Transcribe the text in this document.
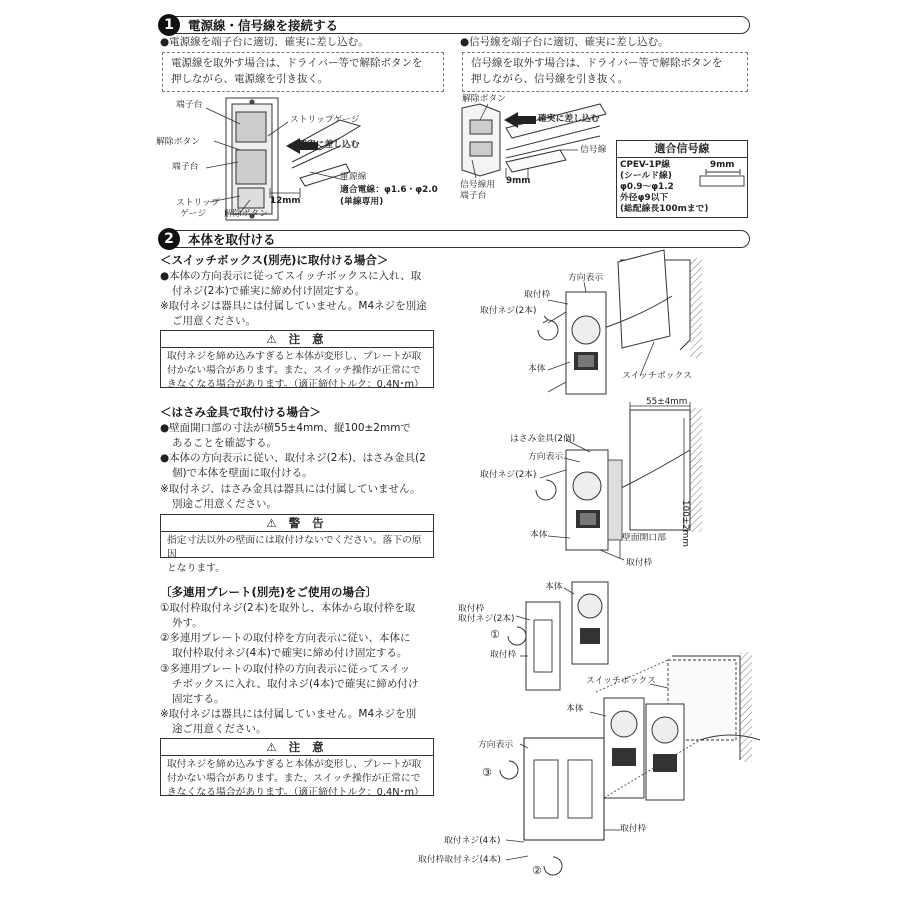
1	電源線・信号線を接続する
●電源線を端子台に適切、確実に差し込む。
電源線を取外す場合は、ドライバー等で解除ボタンを
押しながら、電源線を引き抜く。
端子台
解除ボタン
端子台
ストリップゲージ
確実に差し込む
電源線
適合電線：φ1.6・φ2.0
(単線専用)
12mm
ストリップ
ゲージ 解除ボタン
●信号線を端子台に適切、確実に差し込む。
信号線を取外す場合は、ドライバー等で解除ボタンを
押しながら、信号線を引き抜く。
解除ボタン
確実に差し込む
信号線
信号線用
端子台
9mm
適合信号線
CPEV-1P線
(シールド線)
φ0.9〜φ1.2
外径φ9以下
(総配線長100mまで)
9mm
2	本体を取付ける
＜スイッチボックス(別売)に取付ける場合＞
●本体の方向表示に従ってスイッチボックスに入れ、取
付ネジ(2本)で確実に締め付け固定する。
※取付ネジは器具には付属していません。M4ネジを別途
ご用意ください。
⚠ 注 意
取付ネジを締め込みすぎると本体が変形し、プレートが取
付かない場合があります。また、スイッチ操作が正常にで
きなくなる場合があります。（適正締付トルク：0,4N･m）
方向表示
取付枠
取付ネジ(2本)
本体
スイッチボックス
＜はさみ金具で取付ける場合＞
●壁面開口部の寸法が横55±4mm、縦100±2mmで
あることを確認する。
●本体の方向表示に従い、取付ネジ(2本)、はさみ金具(2
個)で本体を壁面に取付ける。
※取付ネジ、はさみ金具は器具には付属していません。
別途ご用意ください。
⚠ 警 告
指定寸法以外の壁面には取付けないでください。落下の原因
となります。
55±4mm
はさみ金具(2個)
方向表示
取付ネジ(2本)
100±2mm
本体	壁面開口部
取付枠
〔多連用プレート(別売)をご使用の場合〕
①取付枠取付ネジ(2本)を取外し、本体から取付枠を取
外す。
②多連用プレートの取付枠を方向表示に従い、本体に
取付枠取付ネジ(4本)で確実に締め付け固定する。
③多連用プレートの取付枠の方向表示に従ってスイッ
チボックスに入れ、取付ネジ(4本)で確実に締め付け
固定する。
※取付ネジは器具には付属していません。M4ネジを別
途ご用意ください。
⚠ 注 意
取付ネジを締め込みすぎると本体が変形し、プレートが取
付かない場合があります。また、スイッチ操作が正常にで
きなくなる場合があります。（適正締付トルク：0,4N･m）
本体
取付枠
取付ネジ(2本)
①
取付枠
スイッチボックス
本体
方向表示
③
取付枠
取付ネジ(4本)
取付枠取付ネジ(4本)
②
